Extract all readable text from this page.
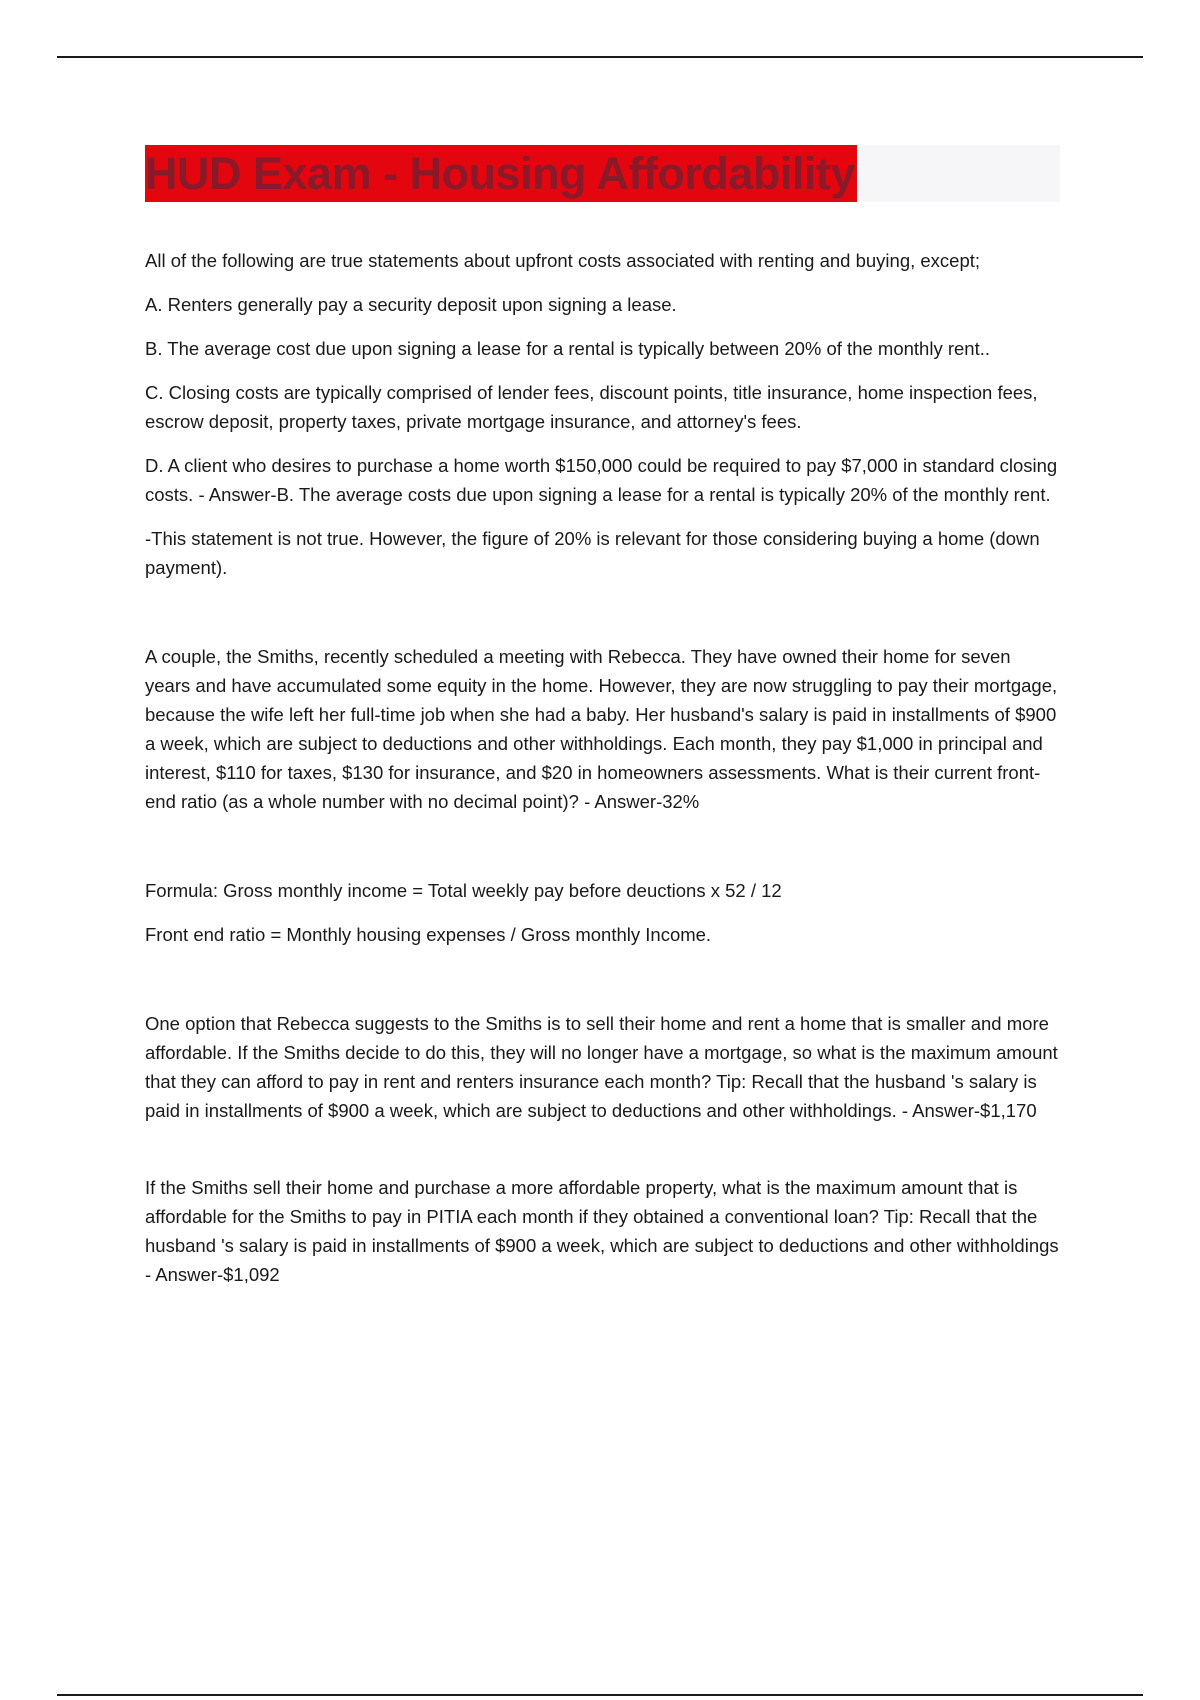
HUD Exam - Housing Affordability

All of the following are true statements about upfront costs associated with renting and buying, except;

A. Renters generally pay a security deposit upon signing a lease.

B. The average cost due upon signing a lease for a rental is typically between 20% of the monthly rent..

C. Closing costs are typically comprised of lender fees, discount points, title insurance, home inspection fees, escrow deposit, property taxes, private mortgage insurance, and attorney's fees.

D. A client who desires to purchase a home worth $150,000 could be required to pay $7,000 in standard closing costs. - Answer-B. The average costs due upon signing a lease for a rental is typically 20% of the monthly rent.

-This statement is not true. However, the figure of 20% is relevant for those considering buying a home (down payment).

A couple, the Smiths, recently scheduled a meeting with Rebecca. They have owned their home for seven years and have accumulated some equity in the home. However, they are now struggling to pay their mortgage, because the wife left her full-time job when she had a baby. Her husband's salary is paid in installments of $900 a week, which are subject to deductions and other withholdings. Each month, they pay $1,000 in principal and interest, $110 for taxes, $130 for insurance, and $20 in homeowners assessments. What is their current front-end ratio (as a whole number with no decimal point)? - Answer-32%

Formula: Gross monthly income = Total weekly pay before deuctions x 52 / 12

Front end ratio = Monthly housing expenses / Gross monthly Income.

One option that Rebecca suggests to the Smiths is to sell their home and rent a home that is smaller and more affordable. If the Smiths decide to do this, they will no longer have a mortgage, so what is the maximum amount that they can afford to pay in rent and renters insurance each month? Tip: Recall that the husband 's salary is paid in installments of $900 a week, which are subject to deductions and other withholdings. - Answer-$1,170

If the Smiths sell their home and purchase a more affordable property, what is the maximum amount that is affordable for the Smiths to pay in PITIA each month if they obtained a conventional loan? Tip: Recall that the husband 's salary is paid in installments of $900 a week, which are subject to deductions and other withholdings - Answer-$1,092
